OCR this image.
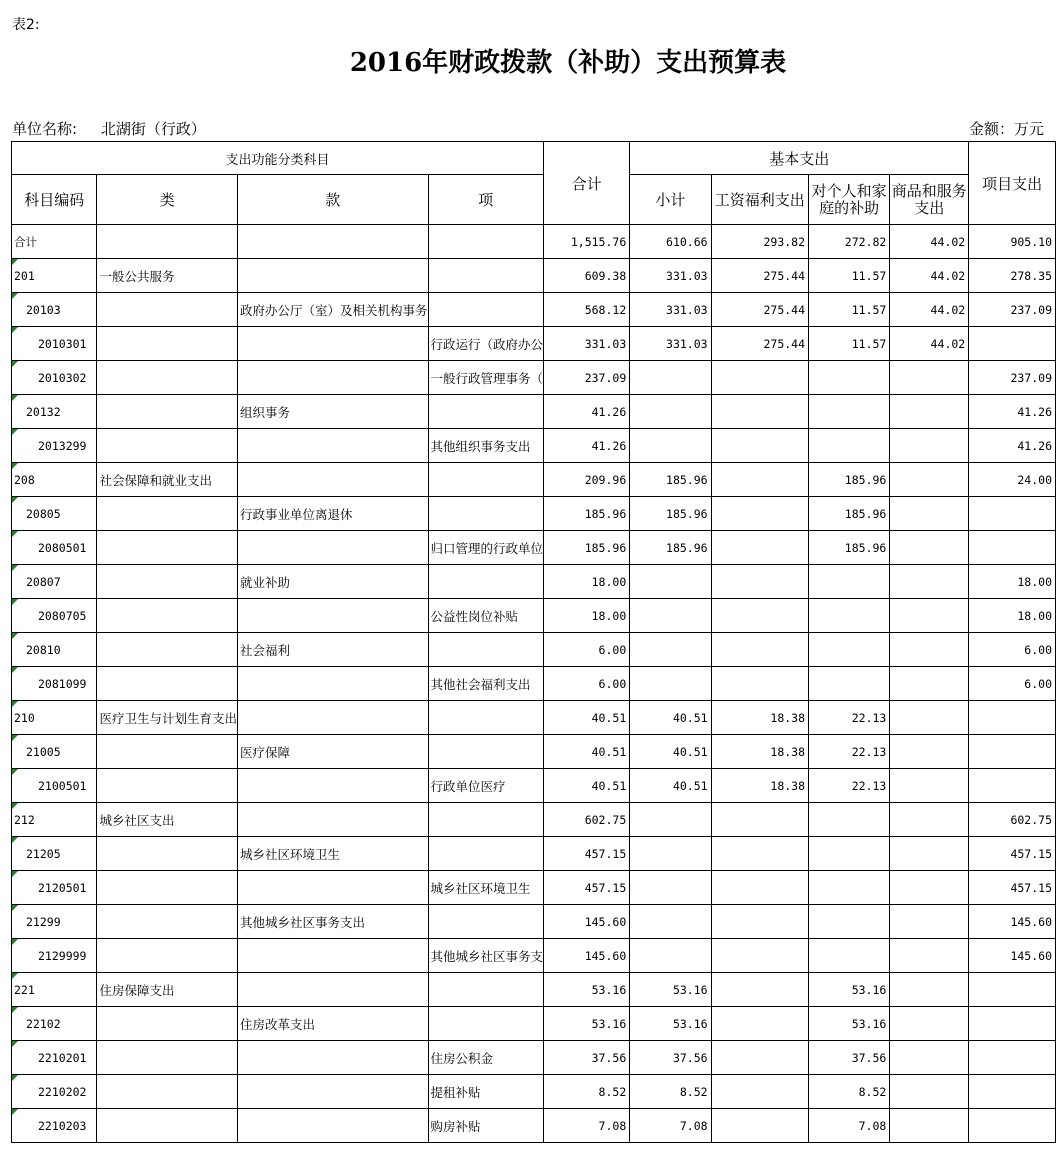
表2:
2016年财政拨款（补助）支出预算表
单位名称: 北湖街（行政）	金额：万元
支出功能分类科目				合计	基本支出				项目支出
科目编码	类	款	项		小计	工资福利支出	对个人和家庭的补助	商品和服务支出	
合计				1,515.76	610.66	293.82	272.82	44.02	905.10

201	一般公共服务			609.38	331.03	275.44	11.57	44.02	278.35

20103		政府办公厅（室）及相关机构事务		568.12	331.03	275.44	11.57	44.02	237.09

2010301			行政运行（政府办公	331.03	331.03	275.44	11.57	44.02	

2010302			一般行政管理事务（	237.09					237.09

20132		组织事务		41.26					41.26

2013299			其他组织事务支出	41.26					41.26

208	社会保障和就业支出			209.96	185.96		185.96		24.00

20805		行政事业单位离退休		185.96	185.96		185.96		

2080501			归口管理的行政单位	185.96	185.96		185.96		

20807		就业补助		18.00					18.00

2080705			公益性岗位补贴	18.00					18.00

20810		社会福利		6.00					6.00

2081099			其他社会福利支出	6.00					6.00

210	医疗卫生与计划生育支出			40.51	40.51	18.38	22.13		

21005		医疗保障		40.51	40.51	18.38	22.13		

2100501			行政单位医疗	40.51	40.51	18.38	22.13		

212	城乡社区支出			602.75					602.75

21205		城乡社区环境卫生		457.15					457.15

2120501			城乡社区环境卫生	457.15					457.15

21299		其他城乡社区事务支出		145.60					145.60

2129999			其他城乡社区事务支	145.60					145.60

221	住房保障支出			53.16	53.16		53.16		

22102		住房改革支出		53.16	53.16		53.16		

2210201			住房公积金	37.56	37.56		37.56		

2210202			提租补贴	8.52	8.52		8.52		

2210203			购房补贴	7.08	7.08		7.08		
